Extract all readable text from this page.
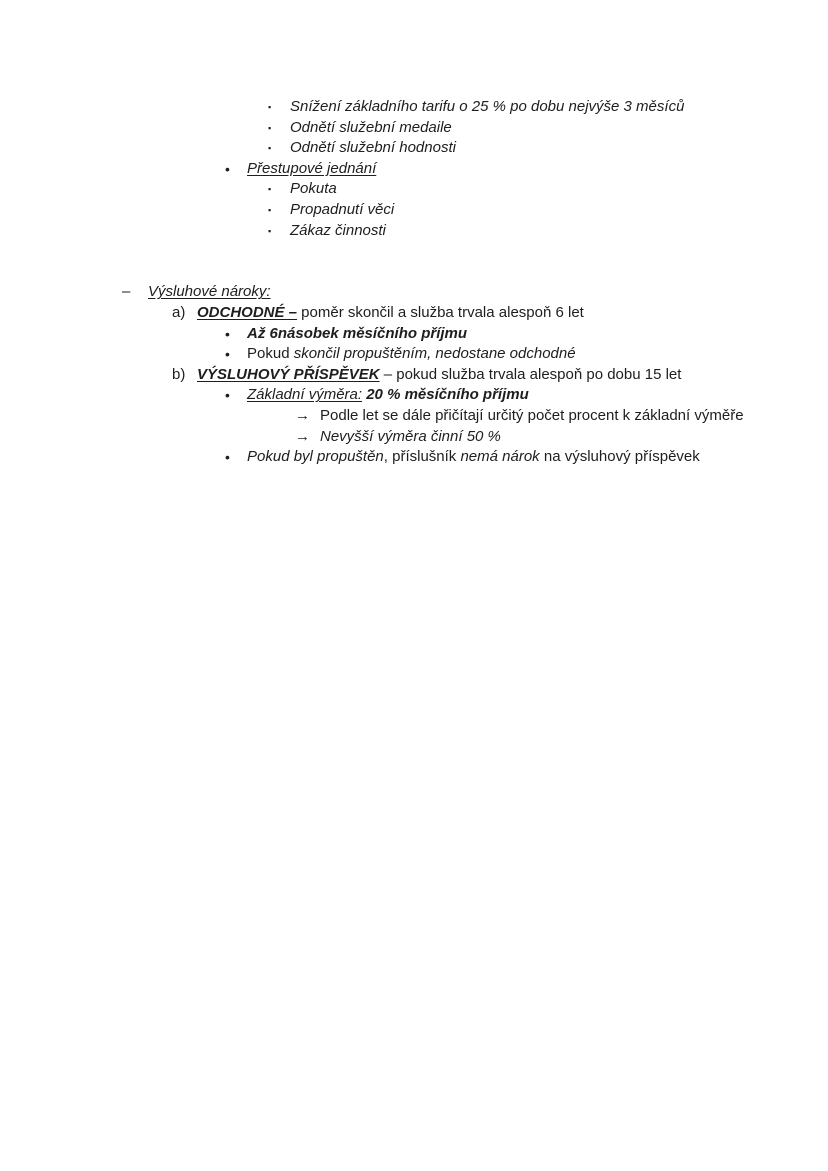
▪	Snížení základního tarifu o 25 % po dobu nejvýše 3 měsíců
▪	Odnětí služební medaile
▪	Odnětí služební hodnosti
•	Přestupové jednání
▪	Pokuta
▪	Propadnutí věci
▪	Zákaz činnosti
–	Výsluhové nároky:
a) ODCHODNÉ – poměr skončil a služba trvala alespoň 6 let
•	Až 6násobek měsíčního příjmu
•	Pokud skončil propuštěním, nedostane odchodné
b) VÝSLUHOVÝ PŘÍSPĚVEK – pokud služba trvala alespoň po dobu 15 let
•	Základní výměra: 20 % měsíčního příjmu
→ Podle let se dále přičítají určitý počet procent k základní výměře
→ Nevyšší výměra činní 50 %
•	Pokud byl propuštěn, příslušník nemá nárok na výsluhový příspěvek
